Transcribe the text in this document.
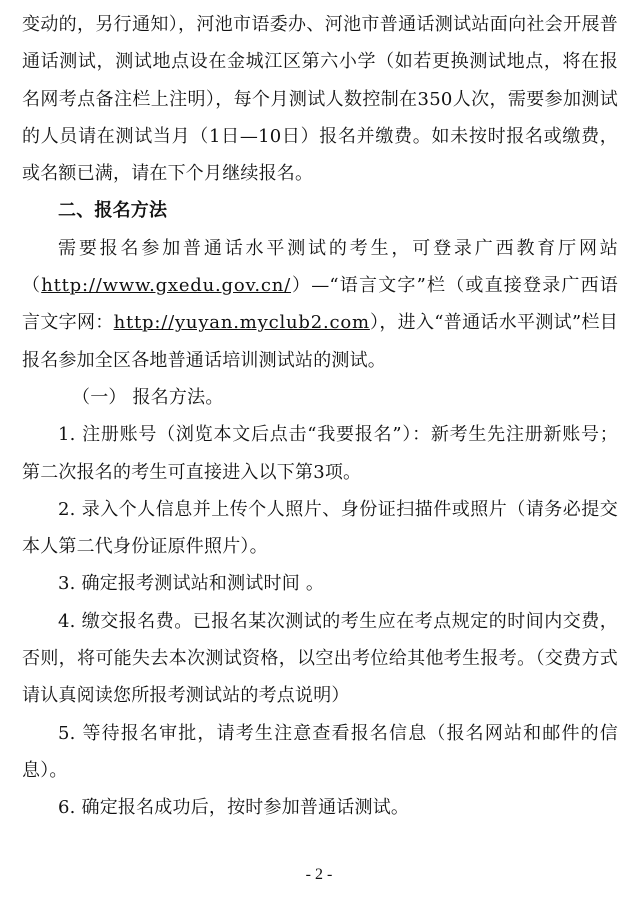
变动的，另行通知），河池市语委办、河池市普通话测试站面向社会开展普通话测试，测试地点设在金城江区第六小学（如若更换测试地点，将在报名网考点备注栏上注明），每个月测试人数控制在350人次，需要参加测试的人员请在测试当月（1日—10日）报名并缴费。如未按时报名或缴费，或名额已满，请在下个月继续报名。

二、报名方法

需要报名参加普通话水平测试的考生，可登录广西教育厅网站（http://www.gxedu.gov.cn/）—“语言文字”栏（或直接登录广西语言文字网：http://yuyan.myclub2.com），进入“普通话水平测试”栏目报名参加全区各地普通话培训测试站的测试。

（一） 报名方法。

1. 注册账号（浏览本文后点击“我要报名”）：新考生先注册新账号；第二次报名的考生可直接进入以下第3项。

2. 录入个人信息并上传个人照片、身份证扫描件或照片（请务必提交本人第二代身份证原件照片）。

3. 确定报考测试站和测试时间 。

4. 缴交报名费。已报名某次测试的考生应在考点规定的时间内交费，否则，将可能失去本次测试资格，以空出考位给其他考生报考。（交费方式请认真阅读您所报考测试站的考点说明）

5. 等待报名审批，请考生注意查看报名信息（报名网站和邮件的信息）。

6. 确定报名成功后，按时参加普通话测试。

- 2 -
